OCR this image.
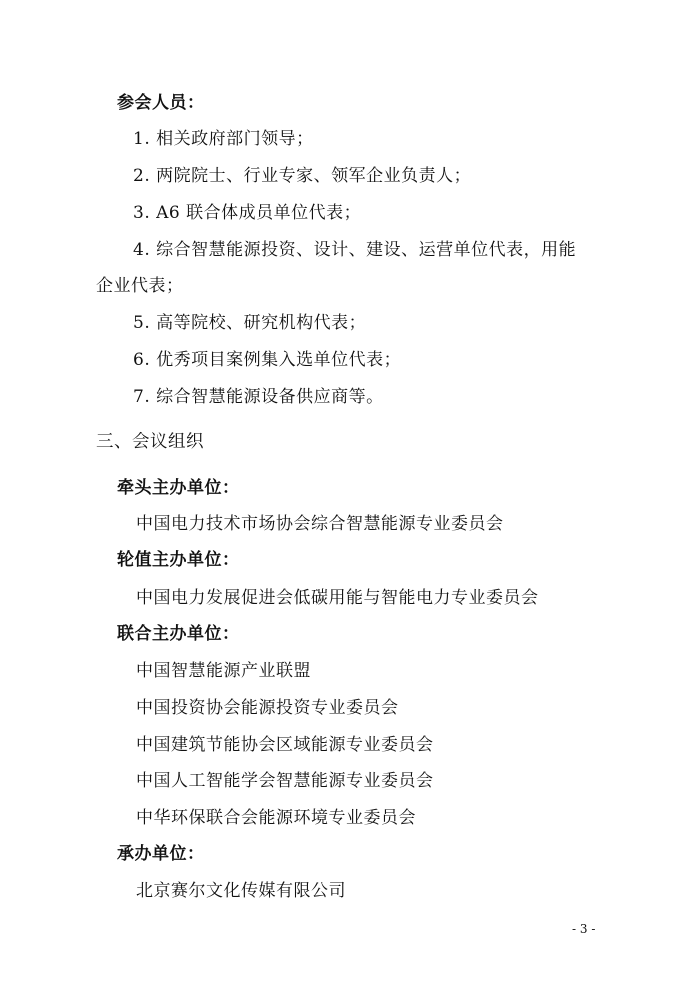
参会人员：
1. 相关政府部门领导；
2. 两院院士、行业专家、领军企业负责人；
3. A6 联合体成员单位代表；
4. 综合智慧能源投资、设计、建设、运营单位代表，用能
企业代表；
5. 高等院校、研究机构代表；
6. 优秀项目案例集入选单位代表；
7. 综合智慧能源设备供应商等。
三、会议组织
牵头主办单位：
中国电力技术市场协会综合智慧能源专业委员会
轮值主办单位：
中国电力发展促进会低碳用能与智能电力专业委员会
联合主办单位：
中国智慧能源产业联盟
中国投资协会能源投资专业委员会
中国建筑节能协会区域能源专业委员会
中国人工智能学会智慧能源专业委员会
中华环保联合会能源环境专业委员会
承办单位：
北京赛尔文化传媒有限公司
- 3 -
